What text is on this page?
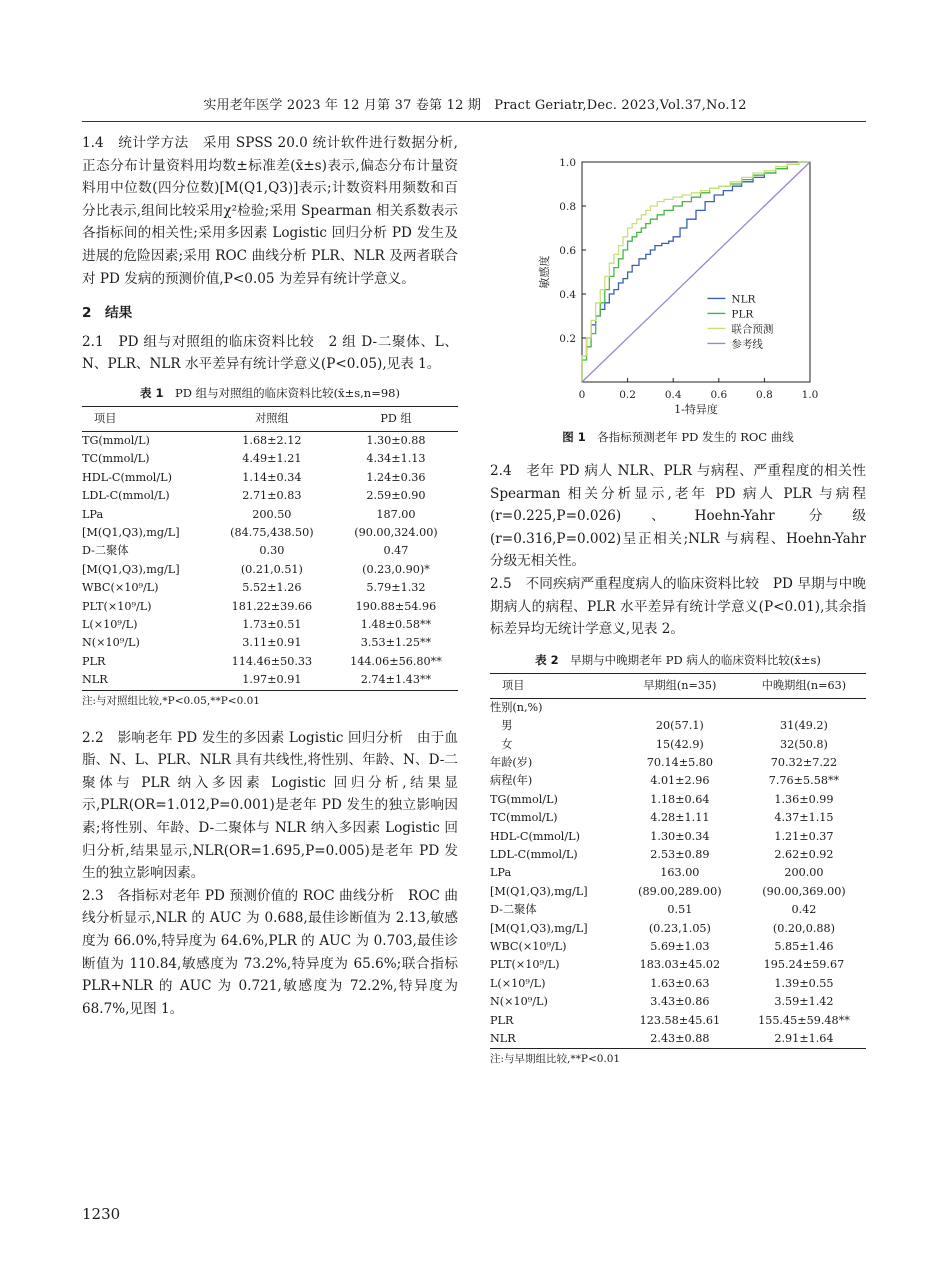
实用老年医学 2023 年 12 月第 37 卷第 12 期　Pract Geriatr,Dec. 2023,Vol.37,No.12

1.4　统计学方法　采用 SPSS 20.0 统计软件进行数据分析,正态分布计量资料用均数±标准差(x̄±s)表示,偏态分布计量资料用中位数(四分位数)[M(Q1,Q3)]表示;计数资料用频数和百分比表示,组间比较采用χ²检验;采用 Spearman 相关系数表示各指标间的相关性;采用多因素 Logistic 回归分析 PD 发生及进展的危险因素;采用 ROC 曲线分析 PLR、NLR 及两者联合对 PD 发病的预测价值,P<0.05 为差异有统计学意义。

2　结果

2.1　PD 组与对照组的临床资料比较　2 组 D-二聚体、L、N、PLR、NLR 水平差异有统计学意义(P<0.05),见表 1。

表 1　 PD 组与对照组的临床资料比较(x̄±s,n=98)
项目	对照组	PD 组
TG(mmol/L)	1.68±2.12	1.30±0.88
TC(mmol/L)	4.49±1.21	4.34±1.13
HDL-C(mmol/L)	1.14±0.34	1.24±0.36
LDL-C(mmol/L)	2.71±0.83	2.59±0.90
LPa	200.50	187.00
[M(Q1,Q3),mg/L]	(84.75,438.50)	(90.00,324.00)
D-二聚体	0.30	0.47
[M(Q1,Q3),mg/L]	(0.21,0.51)	(0.23,0.90)*
WBC(×10⁹/L)	5.52±1.26	5.79±1.32
PLT(×10⁹/L)	181.22±39.66	190.88±54.96
L(×10⁹/L)	1.73±0.51	1.48±0.58**
N(×10⁹/L)	3.11±0.91	3.53±1.25**
PLR	114.46±50.33	144.06±56.80**
NLR	1.97±0.91	2.74±1.43**
注:与对照组比较,*P<0.05,**P<0.01

2.2　影响老年 PD 发生的多因素 Logistic 回归分析　由于血脂、N、L、PLR、NLR 具有共线性,将性别、年龄、N、D-二聚体与 PLR 纳入多因素 Logistic 回归分析,结果显示,PLR(OR=1.012,P=0.001)是老年 PD 发生的独立影响因素;将性别、年龄、D-二聚体与 NLR 纳入多因素 Logistic 回归分析,结果显示,NLR(OR=1.695,P=0.005)是老年 PD 发生的独立影响因素。

2.3　各指标对老年 PD 预测价值的 ROC 曲线分析　ROC 曲线分析显示,NLR 的 AUC 为 0.688,最佳诊断值为 2.13,敏感度为 66.0%,特异度为 64.6%,PLR 的 AUC 为 0.703,最佳诊断值为 110.84,敏感度为 73.2%,特异度为 65.6%;联合指标 PLR+NLR 的 AUC 为 0.721,敏感度为 72.2%,特异度为 68.7%,见图 1。

0	0.2	0.4	0.6	0.8	1.0
0.2
0.4
0.6
0.8
1.0
1-特异度
敏感度
NLR
PLR
联合预测
参考线
图 1　 各指标预测老年 PD 发生的 ROC 曲线

2.4　老年 PD 病人 NLR、PLR 与病程、严重程度的相关性　Spearman 相关分析显示,老年 PD 病人 PLR 与病程(r=0.225,P=0.026)、Hoehn-Yahr 分级(r=0.316,P=0.002)呈正相关;NLR 与病程、Hoehn-Yahr 分级无相关性。

2.5　不同疾病严重程度病人的临床资料比较　PD 早期与中晚期病人的病程、PLR 水平差异有统计学意义(P<0.01),其余指标差异均无统计学意义,见表 2。

表 2　 早期与中晚期老年 PD 病人的临床资料比较(x̄±s)
项目	早期组(n=35)	中晚期组(n=63)
性别(n,%)		
　男	20(57.1)	31(49.2)
　女	15(42.9)	32(50.8)
年龄(岁)	70.14±5.80	70.32±7.22
病程(年)	4.01±2.96	7.76±5.58**
TG(mmol/L)	1.18±0.64	1.36±0.99
TC(mmol/L)	4.28±1.11	4.37±1.15
HDL-C(mmol/L)	1.30±0.34	1.21±0.37
LDL-C(mmol/L)	2.53±0.89	2.62±0.92
LPa	163.00	200.00
[M(Q1,Q3),mg/L]	(89.00,289.00)	(90.00,369.00)
D-二聚体	0.51	0.42
[M(Q1,Q3),mg/L]	(0.23,1.05)	(0.20,0.88)
WBC(×10⁹/L)	5.69±1.03	5.85±1.46
PLT(×10⁹/L)	183.03±45.02	195.24±59.67
L(×10⁹/L)	1.63±0.63	1.39±0.55
N(×10⁹/L)	3.43±0.86	3.59±1.42
PLR	123.58±45.61	155.45±59.48**
NLR	2.43±0.88	2.91±1.64
注:与早期组比较,**P<0.01
1230
